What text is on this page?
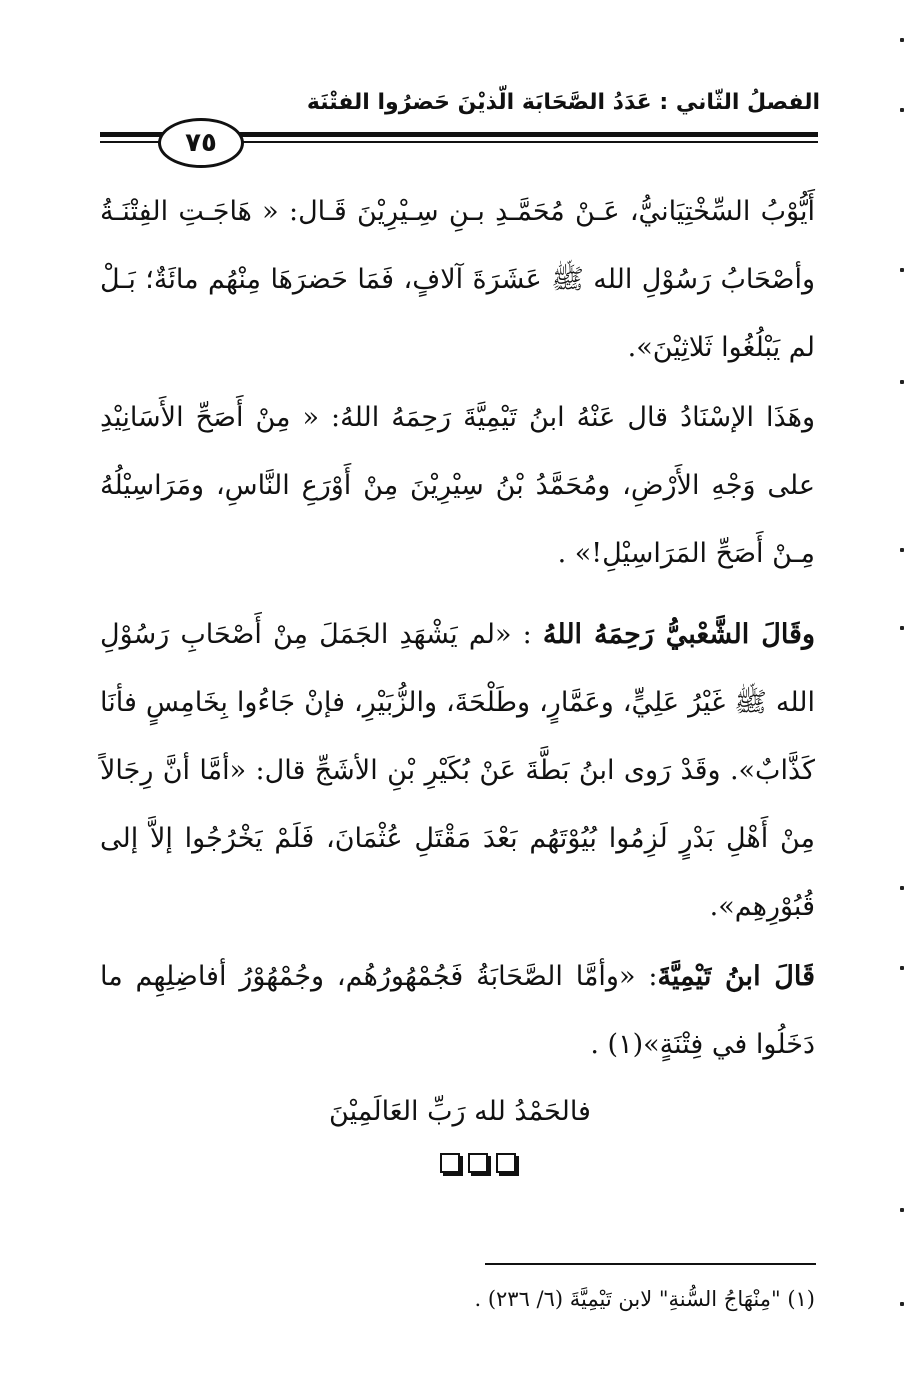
الفصلُ الثّاني : عَدَدُ الصَّحَابَة الّذيْنَ حَضرُوا الفتْنَة
٧٥
أَيُّوْبُ السِّخْتِيَانيُّ، عَـنْ مُحَمَّـدِ بـنِ سِـيْرِيْنَ قَـال: « هَاجَـتِ الفِتْنَـةُ وأصْحَابُ رَسُوْلِ الله ﷺ عَشَرَةَ آلافٍ، فَمَا حَضرَهَا مِنْهُم مائَةٌ؛ بَـلْ لم يَبْلُغُوا ثَلاثِيْنَ».
وهَذَا الإسْنَادُ قال عَنْهُ ابنُ تَيْمِيَّةَ رَحِمَهُ اللهُ: « مِنْ أَصَحِّ الأَسَانِيْدِ على وَجْهِ الأَرْضِ، ومُحَمَّدُ بْنُ سِيْرِيْنَ مِنْ أَوْرَعِ النَّاسِ، ومَرَاسِيْلُهُ مِـنْ أَصَحِّ المَرَاسِيْلِ!» .
وقَالَ الشَّعْبيُّ رَحِمَهُ اللهُ : «لم يَشْهَدِ الجَمَلَ مِنْ أَصْحَابِ رَسُوْلِ الله ﷺ غَيْرُ عَلِيٍّ، وعَمَّارٍ، وطَلْحَةَ، والزُّبَيْرِ، فإنْ جَاءُوا بِخَامِسٍ فأنَا كَذَّابٌ». وقَدْ رَوى ابنُ بَطَّةَ عَنْ بُكَيْرِ بْنِ الأشَجِّ قال: «أمَّا أنَّ رِجَالاً مِنْ أَهْلِ بَدْرٍ لَزِمُوا بُيُوْتَهُم بَعْدَ مَقْتَلِ عُثْمَانَ، فَلَمْ يَخْرُجُوا إلاَّ إلى قُبُوْرِهِم».
قَالَ ابنُ تَيْمِيَّةَ: «وأمَّا الصَّحَابَةُ فَجُمْهُورُهُم، وجُمْهُوْرُ أفاضِلِهِم ما دَخَلُوا في فِتْنَةٍ»(١) .
فالحَمْدُ لله رَبِّ العَالَمِيْنَ
(١) "مِنْهَاجُ السُّنةِ" لابن تَيْمِيَّةَ (٦/ ٢٣٦) .
